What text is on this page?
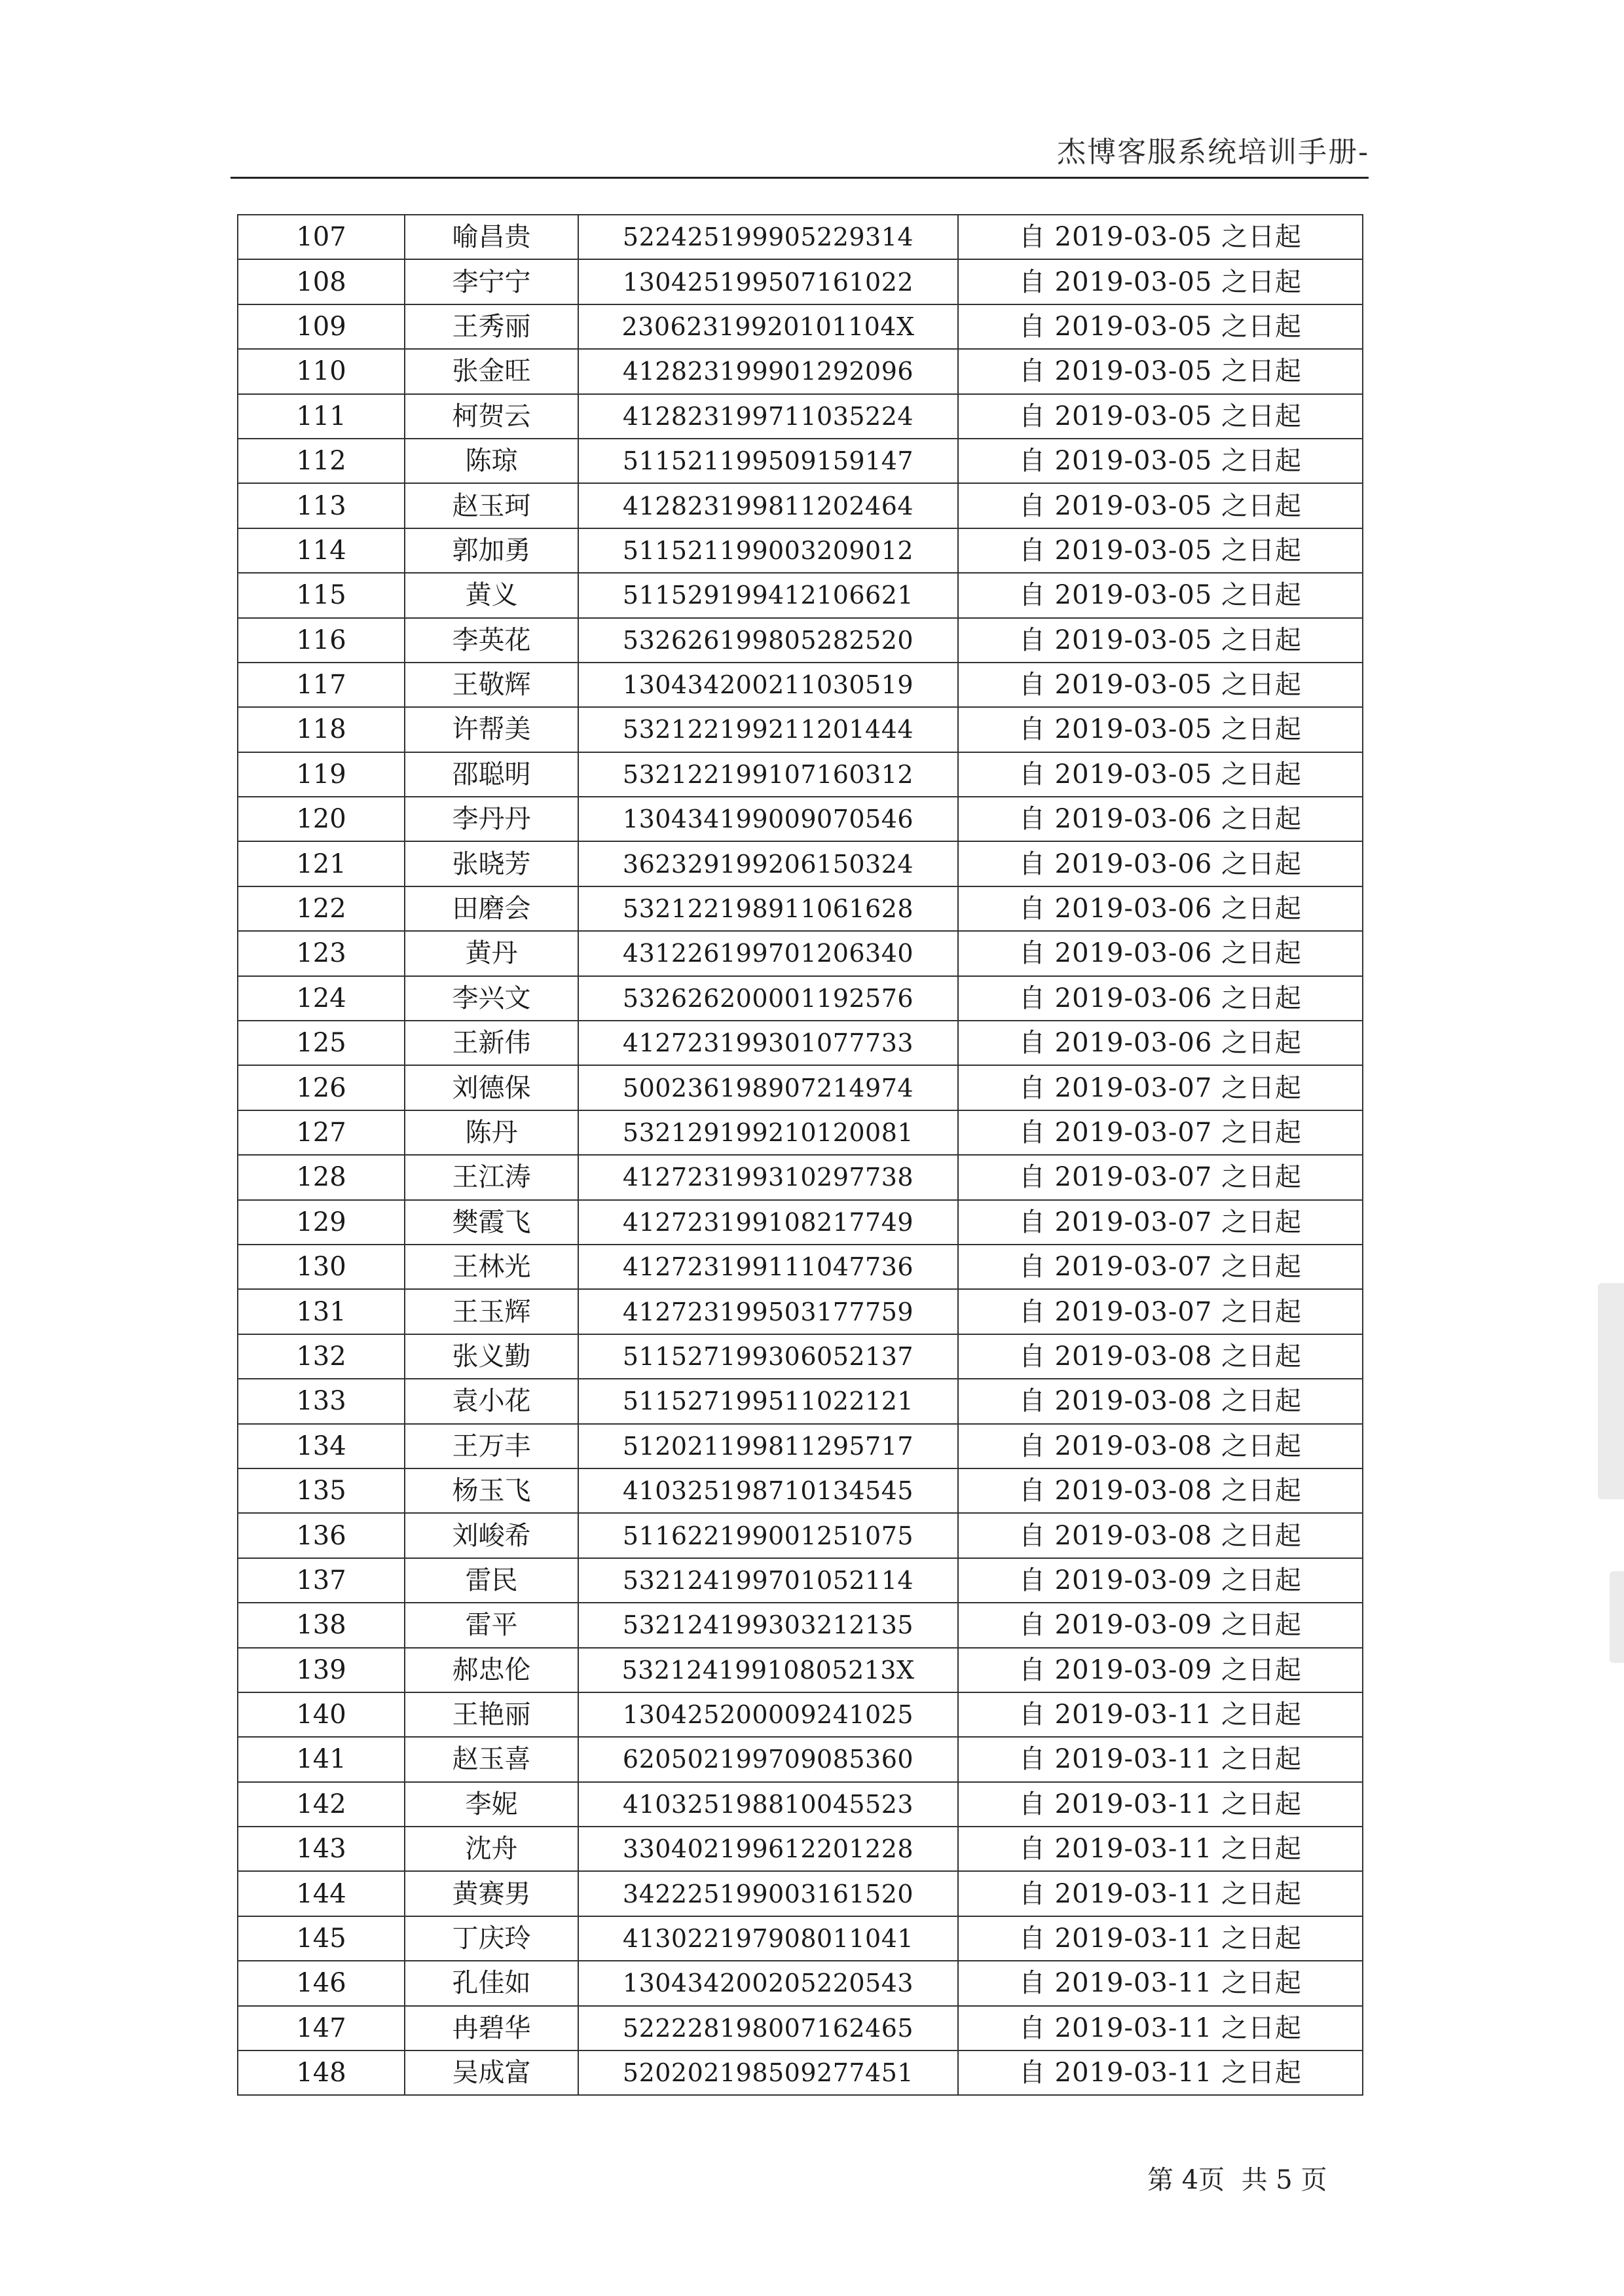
杰博客服系统培训手册-
107	喻昌贵	522425199905229314	自 2019-03-05 之日起
108	李宁宁	130425199507161022	自 2019-03-05 之日起
109	王秀丽	23062319920101104X	自 2019-03-05 之日起
110	张金旺	412823199901292096	自 2019-03-05 之日起
111	柯贺云	412823199711035224	自 2019-03-05 之日起
112	陈琼	511521199509159147	自 2019-03-05 之日起
113	赵玉珂	412823199811202464	自 2019-03-05 之日起
114	郭加勇	511521199003209012	自 2019-03-05 之日起
115	黄义	511529199412106621	自 2019-03-05 之日起
116	李英花	532626199805282520	自 2019-03-05 之日起
117	王敬辉	130434200211030519	自 2019-03-05 之日起
118	许帮美	532122199211201444	自 2019-03-05 之日起
119	邵聪明	532122199107160312	自 2019-03-05 之日起
120	李丹丹	130434199009070546	自 2019-03-06 之日起
121	张晓芳	362329199206150324	自 2019-03-06 之日起
122	田磨会	532122198911061628	自 2019-03-06 之日起
123	黄丹	431226199701206340	自 2019-03-06 之日起
124	李兴文	532626200001192576	自 2019-03-06 之日起
125	王新伟	412723199301077733	自 2019-03-06 之日起
126	刘德保	500236198907214974	自 2019-03-07 之日起
127	陈丹	532129199210120081	自 2019-03-07 之日起
128	王江涛	412723199310297738	自 2019-03-07 之日起
129	樊霞飞	412723199108217749	自 2019-03-07 之日起
130	王林光	412723199111047736	自 2019-03-07 之日起
131	王玉辉	412723199503177759	自 2019-03-07 之日起
132	张义勤	511527199306052137	自 2019-03-08 之日起
133	袁小花	511527199511022121	自 2019-03-08 之日起
134	王万丰	512021199811295717	自 2019-03-08 之日起
135	杨玉飞	410325198710134545	自 2019-03-08 之日起
136	刘峻希	511622199001251075	自 2019-03-08 之日起
137	雷民	532124199701052114	自 2019-03-09 之日起
138	雷平	532124199303212135	自 2019-03-09 之日起
139	郝忠伦	53212419910805213X	自 2019-03-09 之日起
140	王艳丽	130425200009241025	自 2019-03-11 之日起
141	赵玉喜	620502199709085360	自 2019-03-11 之日起
142	李妮	410325198810045523	自 2019-03-11 之日起
143	沈舟	330402199612201228	自 2019-03-11 之日起
144	黄赛男	342225199003161520	自 2019-03-11 之日起
145	丁庆玲	413022197908011041	自 2019-03-11 之日起
146	孔佳如	130434200205220543	自 2019-03-11 之日起
147	冉碧华	522228198007162465	自 2019-03-11 之日起
148	吴成富	520202198509277451	自 2019-03-11 之日起
第 4页  共 5 页
